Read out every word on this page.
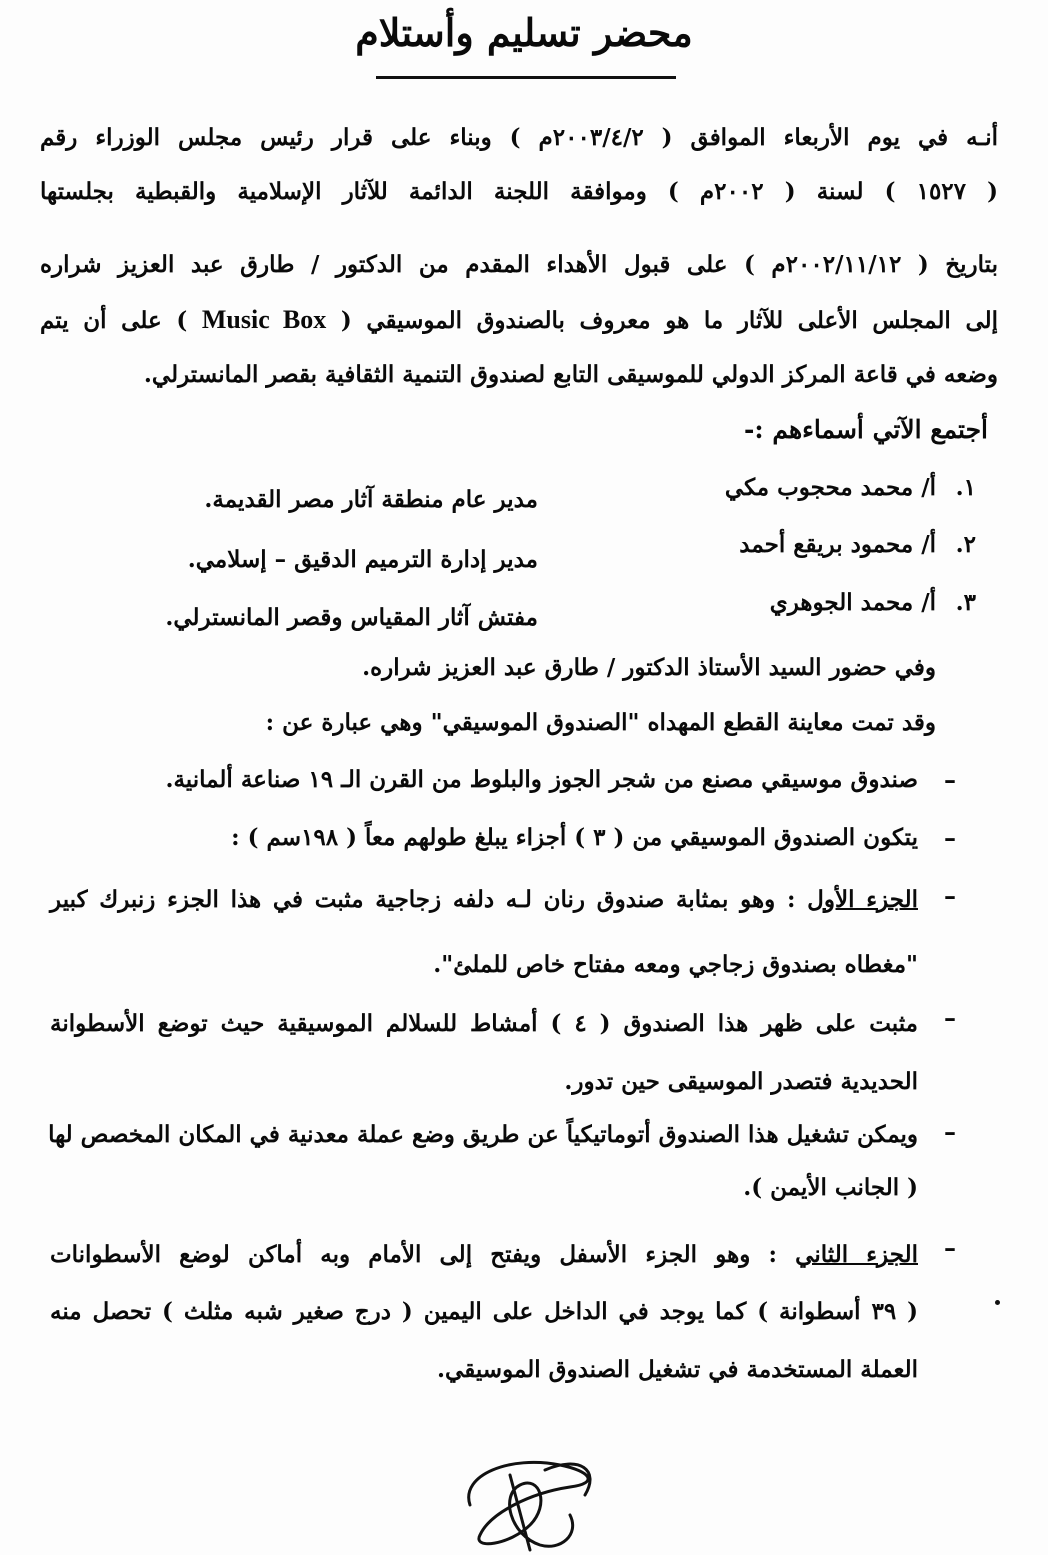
محضر تسليم وأستلام
أنـه في يوم الأربعاء الموافق ( ٢٠٠٣/٤/٢م ) وبناء على قرار رئيس مجلس الوزراء رقم
( ١٥٢٧ ) لسنة ( ٢٠٠٢م ) وموافقة اللجنة الدائمة للآثار الإسلامية والقبطية بجلستها
بتاريخ ( ٢٠٠٢/١١/١٢م ) على قبول الأهداء المقدم من الدكتور / طارق عبد العزيز شراره
إلى المجلس الأعلى للآثار ما هو معروف بالصندوق الموسيقي ( Music Box ) على أن يتم
وضعه في قاعة المركز الدولي للموسيقى التابع لصندوق التنمية الثقافية بقصر المانسترلي.
أجتمع الآتي أسماءهم :-
١.
أ/ محمد محجوب مكي
مدير عام منطقة آثار مصر القديمة.
٢.
أ/ محمود بريقع أحمد
مدير إدارة الترميم الدقيق – إسلامي.
٣.
أ/ محمد الجوهري
مفتش آثار المقياس وقصر المانسترلي.
وفي حضور السيد الأستاذ الدكتور / طارق عبد العزيز شراره.
وقد تمت معاينة القطع المهداه "الصندوق الموسيقي" وهي عبارة عن :
–
صندوق موسيقي مصنع من شجر الجوز والبلوط من القرن الـ ١٩ صناعة ألمانية.
–
يتكون الصندوق الموسيقي من ( ٣ ) أجزاء يبلغ طولهم معاً ( ١٩٨سم ) :
–
الجزء الأول : وهو بمثابة صندوق رنان لـه دلفه زجاجية مثبت في هذا الجزء زنبرك كبير
"مغطاه بصندوق زجاجي ومعه مفتاح خاص للملئ".
–
مثبت على ظهر هذا الصندوق ( ٤ ) أمشاط للسلالم الموسيقية حيث توضع الأسطوانة
الحديدية فتصدر الموسيقى حين تدور.
–
ويمكن تشغيل هذا الصندوق أتوماتيكياً عن طريق وضع عملة معدنية في المكان المخصص لها
( الجانب الأيمن ).
–
الجزء الثاني : وهو الجزء الأسفل ويفتح إلى الأمام وبه أماكن لوضع الأسطوانات
( ٣٩ أسطوانة ) كما يوجد في الداخل على اليمين ( درج صغير شبه مثلث ) تحصل منه
العملة المستخدمة في تشغيل الصندوق الموسيقي.
